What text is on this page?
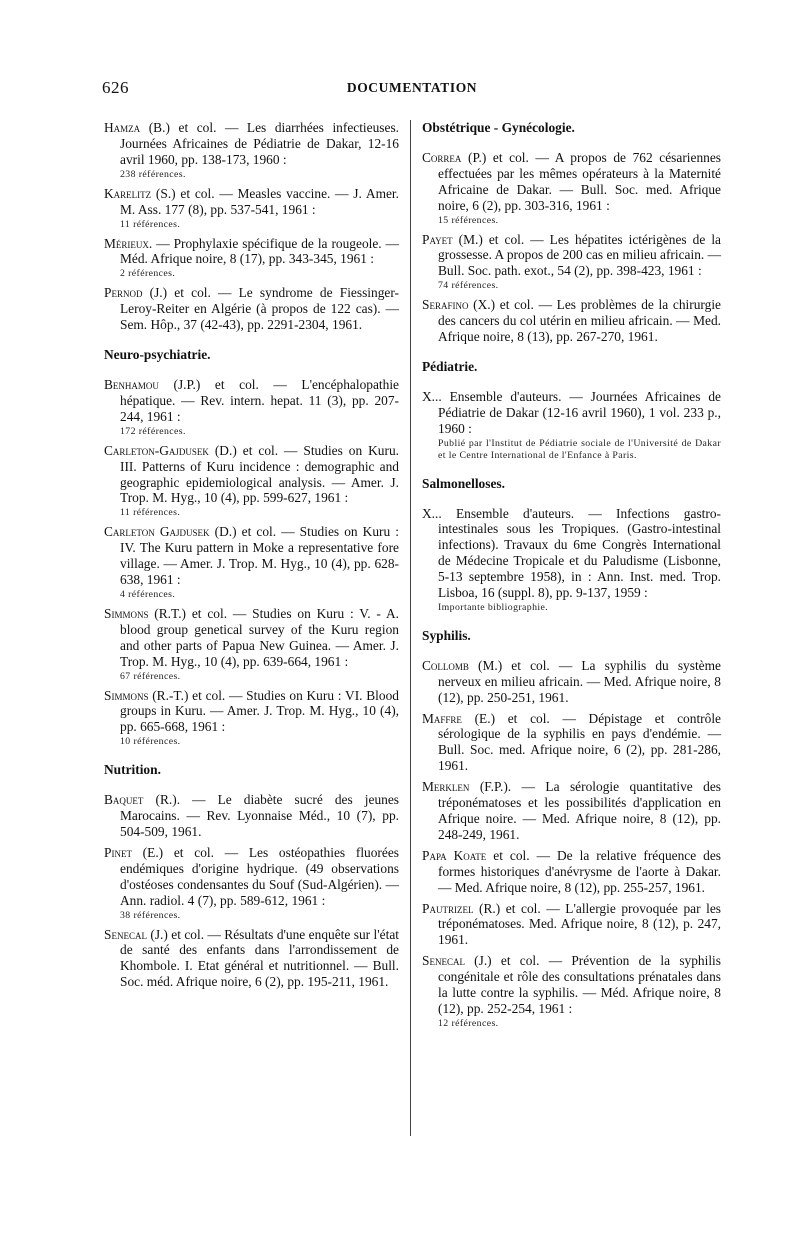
626	DOCUMENTATION
Hamza (B.) et col. — Les diarrhées infectieuses. Journées Africaines de Pédiatrie de Dakar, 12-16 avril 1960, pp. 138-173, 1960 :
238 références.
Karelitz (S.) et col. — Measles vaccine. — J. Amer. M. Ass. 177 (8), pp. 537-541, 1961 :
11 références.
Mérieux. — Prophylaxie spécifique de la rougeole. — Méd. Afrique noire, 8 (17), pp. 343-345, 1961 :
2 références.
Pernod (J.) et col. — Le syndrome de Fiessinger-Leroy-Reiter en Algérie (à propos de 122 cas). — Sem. Hôp., 37 (42-43), pp. 2291-2304, 1961.
Neuro-psychiatrie.
Benhamou (J.P.) et col. — L'encéphalopathie hépatique. — Rev. intern. hepat. 11 (3), pp. 207-244, 1961 :
172 références.
Carleton-Gajdusek (D.) et col. — Studies on Kuru. III. Patterns of Kuru incidence : demographic and geographic epidemiological analysis. — Amer. J. Trop. M. Hyg., 10 (4), pp. 599-627, 1961 :
11 références.
Carleton Gajdusek (D.) et col. — Studies on Kuru : IV. The Kuru pattern in Moke a representative fore village. — Amer. J. Trop. M. Hyg., 10 (4), pp. 628-638, 1961 :
4 références.
Simmons (R.T.) et col. — Studies on Kuru : V. - A. blood group genetical survey of the Kuru region and other parts of Papua New Guinea. — Amer. J. Trop. M. Hyg., 10 (4), pp. 639-664, 1961 :
67 références.
Simmons (R.-T.) et col. — Studies on Kuru : VI. Blood groups in Kuru. — Amer. J. Trop. M. Hyg., 10 (4), pp. 665-668, 1961 :
10 références.
Nutrition.
Baquet (R.). — Le diabète sucré des jeunes Marocains. — Rev. Lyonnaise Méd., 10 (7), pp. 504-509, 1961.
Pinet (E.) et col. — Les ostéopathies fluorées endémiques d'origine hydrique. (49 observations d'ostéoses condensantes du Souf (Sud-Algérien). — Ann. radiol. 4 (7), pp. 589-612, 1961 :
38 références.
Senecal (J.) et col. — Résultats d'une enquête sur l'état de santé des enfants dans l'arrondissement de Khombole. I. Etat général et nutritionnel. — Bull. Soc. méd. Afrique noire, 6 (2), pp. 195-211, 1961.
Obstétrique - Gynécologie.
Correa (P.) et col. — A propos de 762 césariennes effectuées par les mêmes opérateurs à la Maternité Africaine de Dakar. — Bull. Soc. med. Afrique noire, 6 (2), pp. 303-316, 1961 :
15 références.
Payet (M.) et col. — Les hépatites ictérigènes de la grossesse. A propos de 200 cas en milieu africain. — Bull. Soc. path. exot., 54 (2), pp. 398-423, 1961 :
74 références.
Serafino (X.) et col. — Les problèmes de la chirurgie des cancers du col utérin en milieu africain. — Med. Afrique noire, 8 (13), pp. 267-270, 1961.
Pédiatrie.
X... Ensemble d'auteurs. — Journées Africaines de Pédiatrie de Dakar (12-16 avril 1960), 1 vol. 233 p., 1960 :
Publié par l'Institut de Pédiatrie sociale de l'Université de Dakar et le Centre International de l'Enfance à Paris.
Salmonelloses.
X... Ensemble d'auteurs. — Infections gastro-intestinales sous les Tropiques. (Gastro-intestinal infections). Travaux du 6me Congrès International de Médecine Tropicale et du Paludisme (Lisbonne, 5-13 septembre 1958), in : Ann. Inst. med. Trop. Lisboa, 16 (suppl. 8), pp. 9-137, 1959 :
Importante bibliographie.
Syphilis.
Collomb (M.) et col. — La syphilis du système nerveux en milieu africain. — Med. Afrique noire, 8 (12), pp. 250-251, 1961.
Maffre (E.) et col. — Dépistage et contrôle sérologique de la syphilis en pays d'endémie. — Bull. Soc. med. Afrique noire, 6 (2), pp. 281-286, 1961.
Merklen (F.P.). — La sérologie quantitative des tréponématoses et les possibilités d'application en Afrique noire. — Med. Afrique noire, 8 (12), pp. 248-249, 1961.
Papa Koate et col. — De la relative fréquence des formes historiques d'anévrysme de l'aorte à Dakar. — Med. Afrique noire, 8 (12), pp. 255-257, 1961.
Pautrizel (R.) et col. — L'allergie provoquée par les tréponématoses. Med. Afrique noire, 8 (12), p. 247, 1961.
Senecal (J.) et col. — Prévention de la syphilis congénitale et rôle des consultations prénatales dans la lutte contre la syphilis. — Méd. Afrique noire, 8 (12), pp. 252-254, 1961 :
12 références.
